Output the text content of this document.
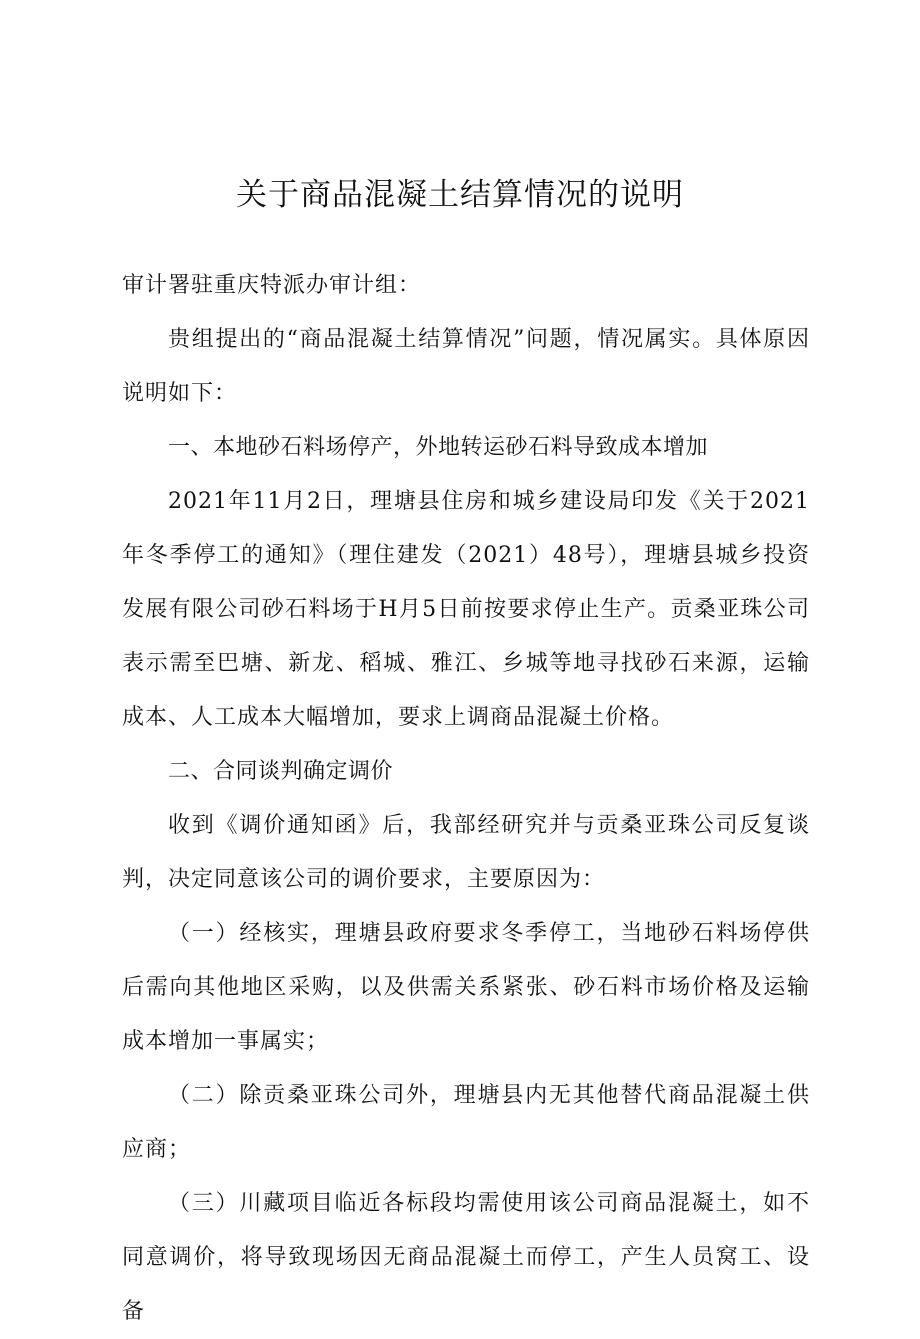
关于商品混凝土结算情况的说明

审计署驻重庆特派办审计组：

贵组提出的“商品混凝土结算情况”问题，情况属实。具体原因说明如下：

一、本地砂石料场停产，外地转运砂石料导致成本增加

2021年11月2日，理塘县住房和城乡建设局印发《关于2021年冬季停工的通知》（理住建发（2021）48号），理塘县城乡投资发展有限公司砂石料场于H月5日前按要求停止生产。贡桑亚珠公司表示需至巴塘、新龙、稻城、雅江、乡城等地寻找砂石来源，运输成本、人工成本大幅增加，要求上调商品混凝土价格。

二、合同谈判确定调价

收到《调价通知函》后，我部经研究并与贡桑亚珠公司反复谈判，决定同意该公司的调价要求，主要原因为：

（一）经核实，理塘县政府要求冬季停工，当地砂石料场停供后需向其他地区采购，以及供需关系紧张、砂石料市场价格及运输成本增加一事属实；

（二）除贡桑亚珠公司外，理塘县内无其他替代商品混凝土供应商；

（三）川藏项目临近各标段均需使用该公司商品混凝土，如不同意调价，将导致现场因无商品混凝土而停工，产生人员窝工、设备
